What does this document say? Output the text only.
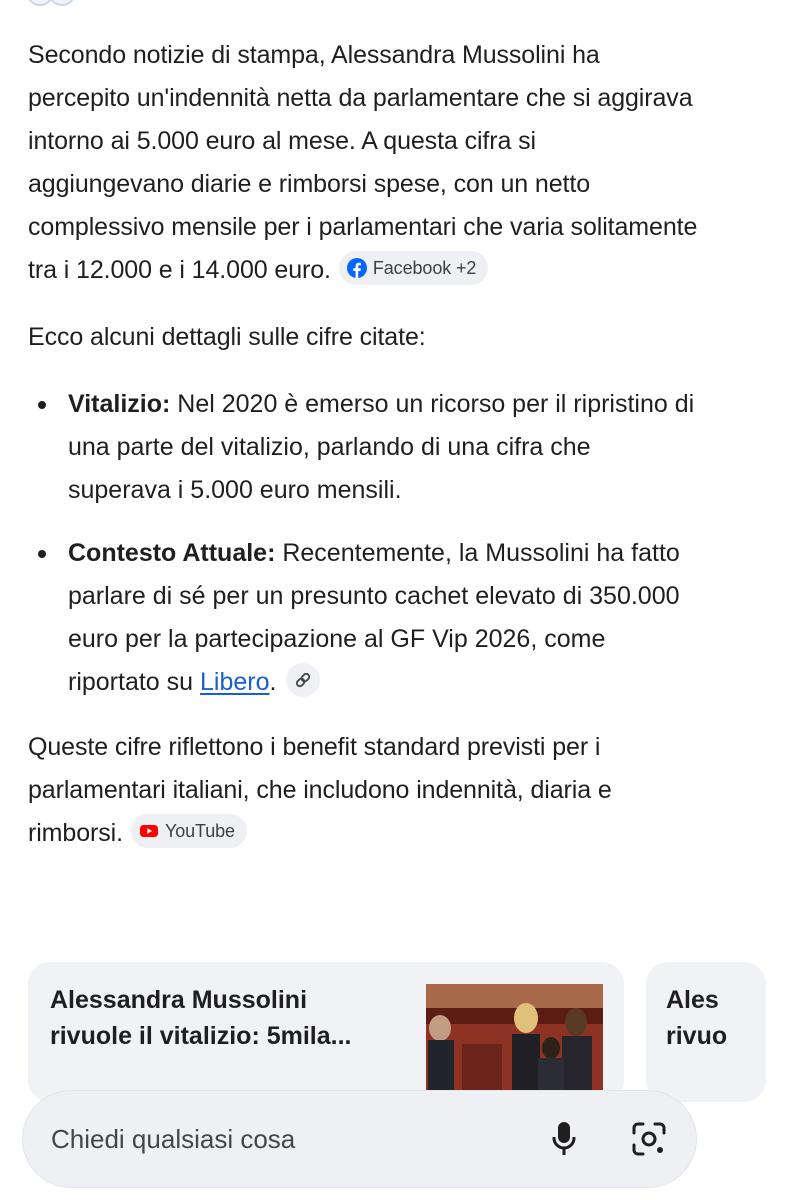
Secondo notizie di stampa, Alessandra Mussolini ha percepito un'indennità netta da parlamentare che si aggirava intorno ai 5.000 euro al mese. A questa cifra si aggiungevano diarie e rimborsi spese, con un netto complessivo mensile per i parlamentari che varia solitamente tra i 12.000 e i 14.000 euro. Facebook +2

Ecco alcuni dettagli sulle cifre citate:

Vitalizio: Nel 2020 è emerso un ricorso per il ripristino di una parte del vitalizio, parlando di una cifra che superava i 5.000 euro mensili.
Contesto Attuale: Recentemente, la Mussolini ha fatto parlare di sé per un presunto cachet elevato di 350.000 euro per la partecipazione al GF Vip 2026, come riportato su Libero.

Queste cifre riflettono i benefit standard previsti per i parlamentari italiani, che includono indennità, diaria e rimborsi. YouTube

Alessandra Mussolini
rivuole il vitalizio: 5mila...
Ales
rivuo
Chiedi qualsiasi cosa
